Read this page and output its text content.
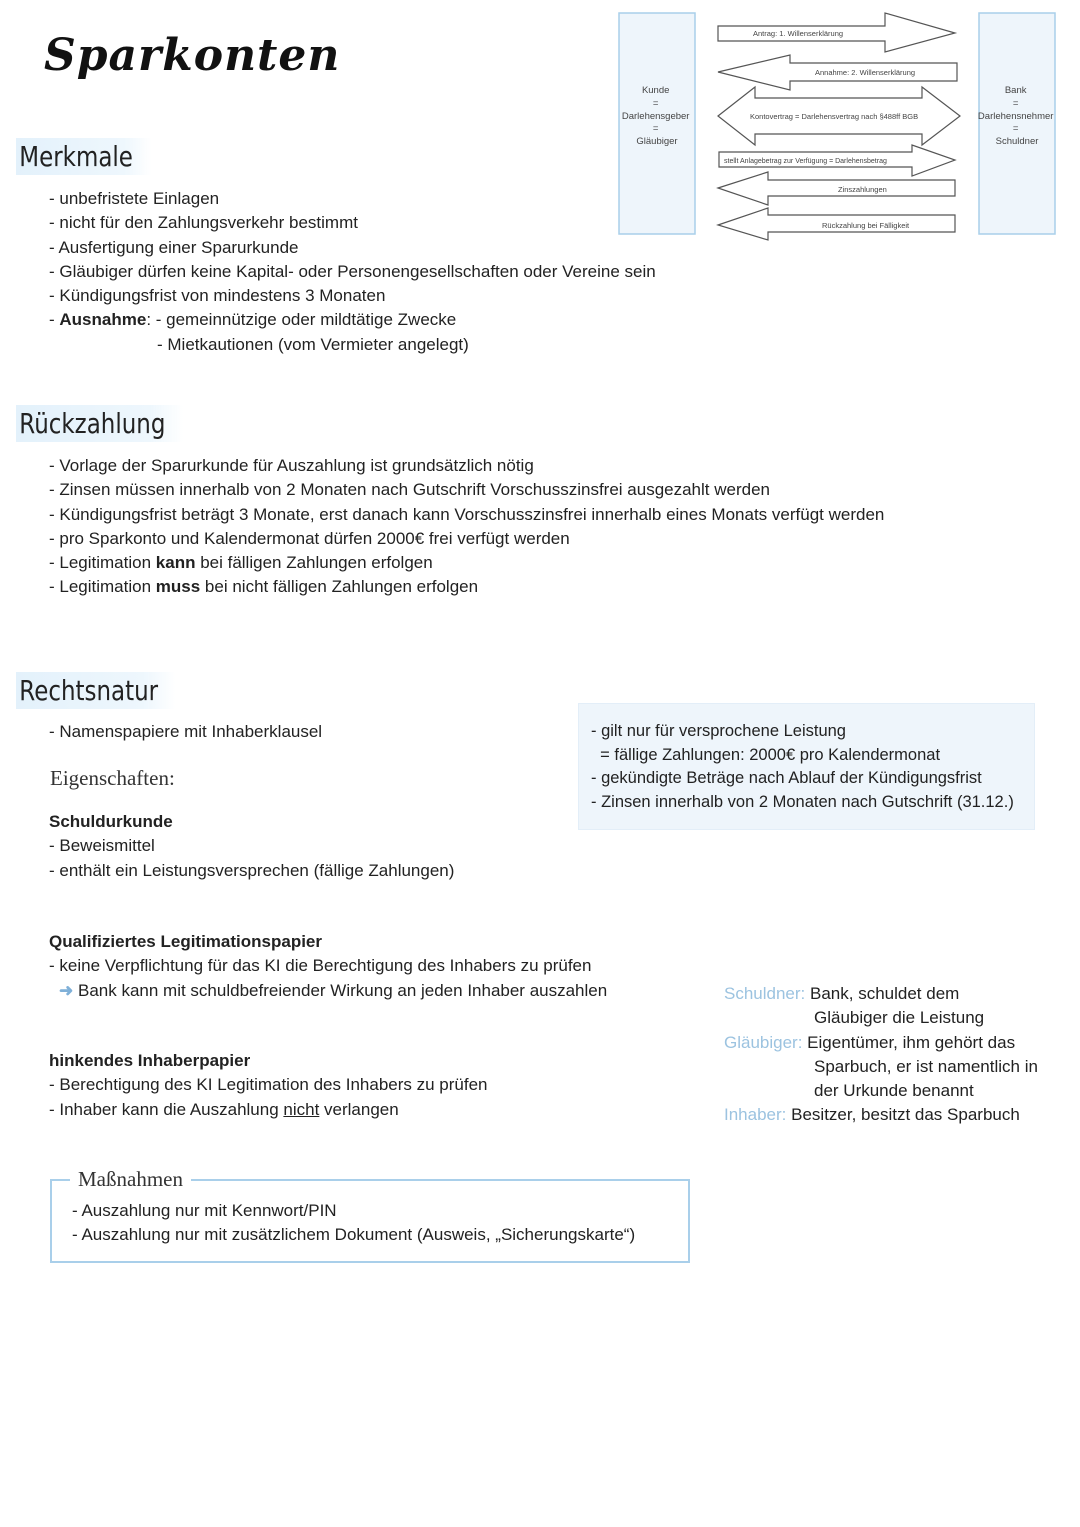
Sparkonten
Kunde = Darlehensgeber = Gläubiger
Bank = Darlehensnehmer = Schuldner
Antrag: 1. Willenserklärung
Annahme: 2. Willenserklärung
Kontovertrag = Darlehensvertrag nach §488ff BGB
stellt Anlagebetrag zur Verfügung = Darlehensbetrag
Zinszahlungen
Rückzahlung bei Fälligkeit
Merkmale
- unbefristete Einlagen
- nicht für den Zahlungsverkehr bestimmt
- Ausfertigung einer Sparurkunde
- Gläubiger dürfen keine Kapital- oder Personengesellschaften oder Vereine sein
- Kündigungsfrist von mindestens 3 Monaten
- Ausnahme: - gemeinnützige oder mildtätige Zwecke
- Mietkautionen (vom Vermieter angelegt)
Rückzahlung
- Vorlage der Sparurkunde für Auszahlung ist grundsätzlich nötig
- Zinsen müssen innerhalb von 2 Monaten nach Gutschrift Vorschusszinsfrei ausgezahlt werden
- Kündigungsfrist beträgt 3 Monate, erst danach kann Vorschusszinsfrei innerhalb eines Monats verfügt werden
- pro Sparkonto und Kalendermonat dürfen 2000€ frei verfügt werden
- Legitimation kann bei fälligen Zahlungen erfolgen
- Legitimation muss bei nicht fälligen Zahlungen erfolgen
Rechtsnatur
- Namenspapiere mit Inhaberklausel
Eigenschaften:
- gilt nur für versprochene Leistung
= fällige Zahlungen: 2000€ pro Kalendermonat
- gekündigte Beträge nach Ablauf der Kündigungsfrist
- Zinsen innerhalb von 2 Monaten nach Gutschrift (31.12.)
Schuldurkunde
- Beweismittel
- enthält ein Leistungsversprechen (fällige Zahlungen)
Qualifiziertes Legitimationspapier
- keine Verpflichtung für das KI die Berechtigung des Inhabers zu prüfen
➜ Bank kann mit schuldbefreiender Wirkung an jeden Inhaber auszahlen
hinkendes Inhaberpapier
- Berechtigung des KI Legitimation des Inhabers zu prüfen
- Inhaber kann die Auszahlung nicht verlangen
Schuldner: Bank, schuldet dem
Gläubiger die Leistung
Gläubiger: Eigentümer, ihm gehört das
Sparbuch, er ist namentlich in
der Urkunde benannt
Inhaber: Besitzer, besitzt das Sparbuch
Maßnahmen
- Auszahlung nur mit Kennwort/PIN
- Auszahlung nur mit zusätzlichem Dokument (Ausweis, „Sicherungskarte“)
